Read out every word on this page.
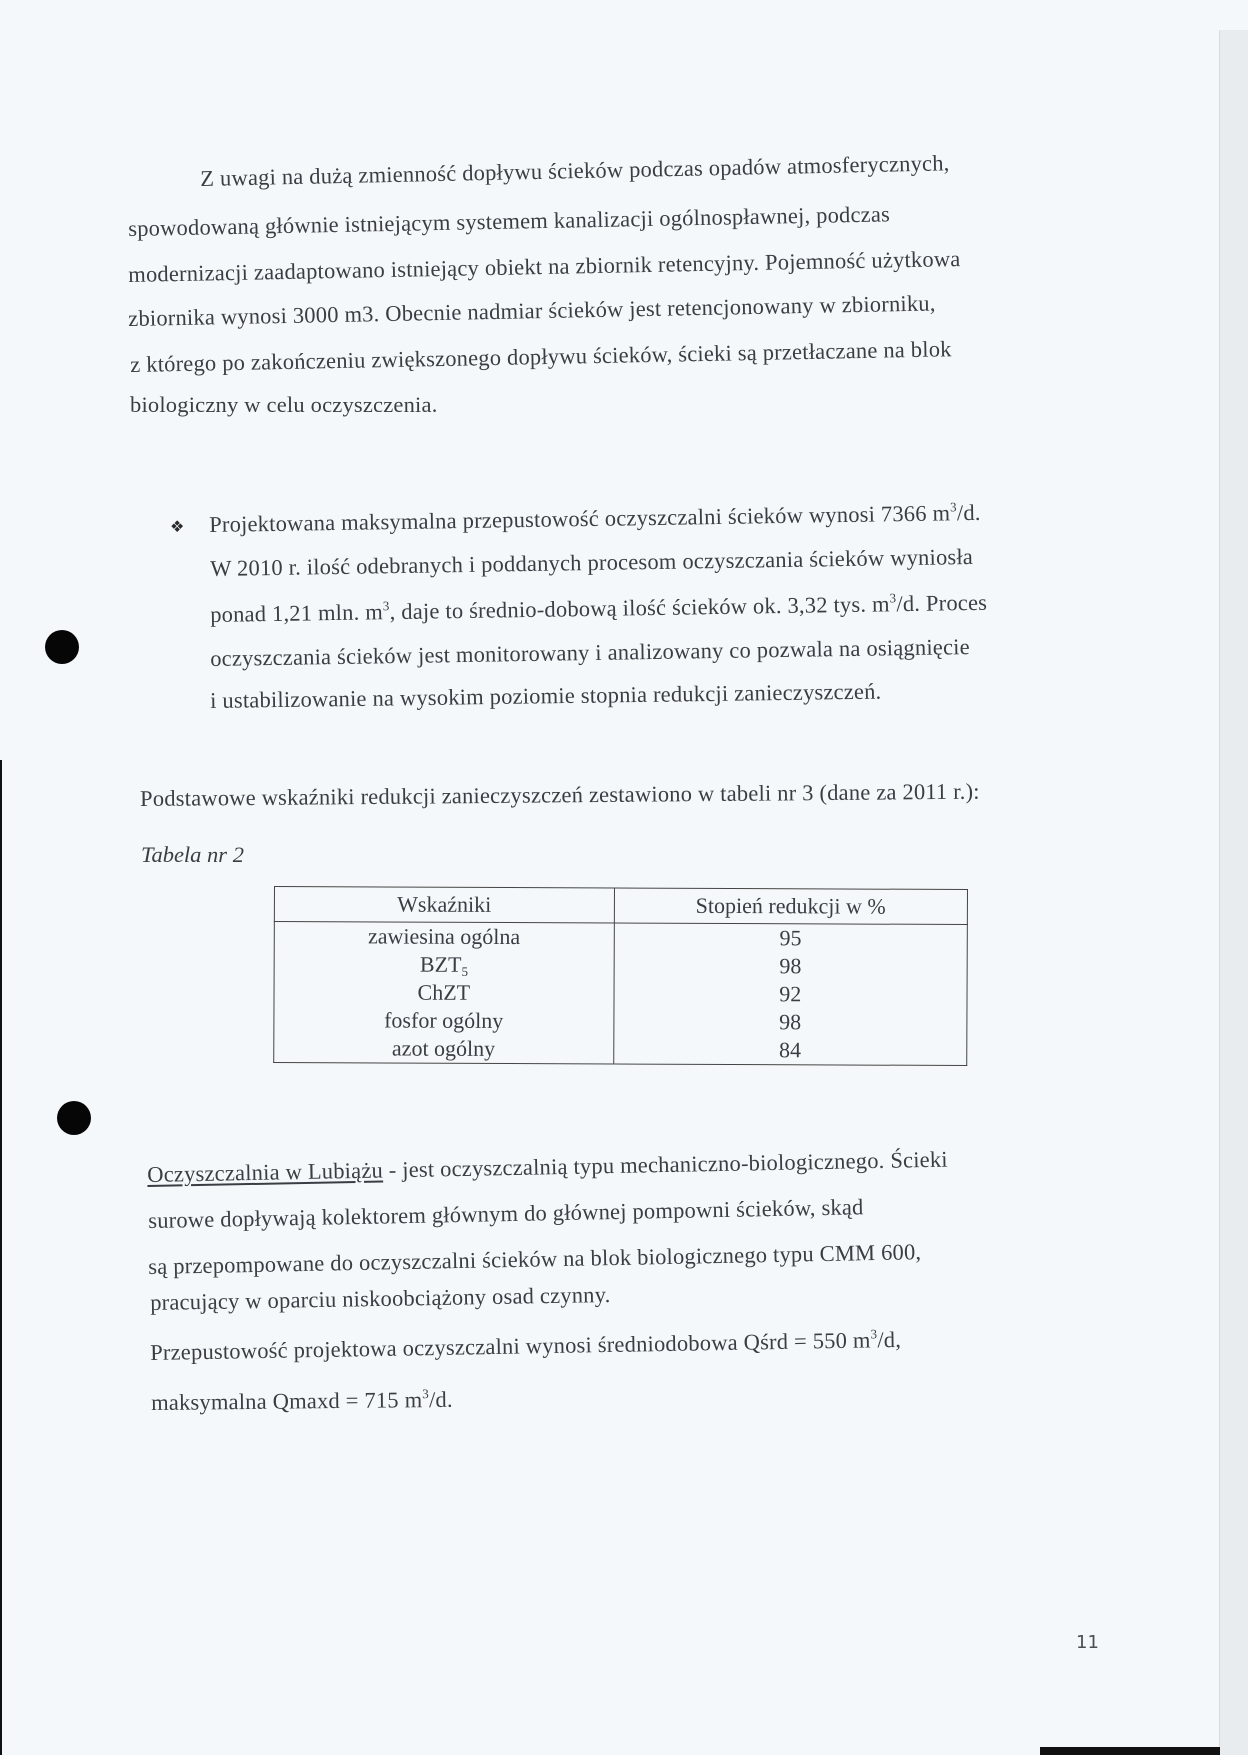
Z uwagi na dużą zmienność dopływu ścieków podczas opadów atmosferycznych,
spowodowaną głównie istniejącym systemem kanalizacji ogólnospławnej, podczas
modernizacji zaadaptowano istniejący obiekt na zbiornik retencyjny. Pojemność użytkowa
zbiornika wynosi 3000 m3. Obecnie nadmiar ścieków jest retencjonowany w zbiorniku,
z którego po zakończeniu zwiększonego dopływu ścieków, ścieki są przetłaczane na blok
biologiczny w celu oczyszczenia.
❖	Projektowana maksymalna przepustowość oczyszczalni ścieków wynosi 7366 $m^3/d$.
W 2010 r. ilość odebranych i poddanych procesom oczyszczania ścieków wyniosła
ponad 1,21 mln. $m^3$, daje to średnio-dobową ilość ścieków ok. 3,32 tys. $m^3/d$. Proces
oczyszczania ścieków jest monitorowany i analizowany co pozwala na osiągnięcie
i ustabilizowanie na wysokim poziomie stopnia redukcji zanieczyszczeń.
Podstawowe wskaźniki redukcji zanieczyszczeń zestawiono w tabeli nr 3 (dane za 2011 r.):
Tabela nr 2
Wskaźniki	Stopień redukcji w %
zawiesina ogólna	95
$BZT_5$	98
ChZT	92
fosfor ogólny	98
azot ogólny	84
Oczyszczalnia w Lubiążu - jest oczyszczalnią typu mechaniczno-biologicznego. Ścieki
surowe dopływają kolektorem głównym do głównej pompowni ścieków, skąd
są przepompowane do oczyszczalni ścieków na blok biologicznego typu CMM 600,
pracujący w oparciu niskoobciążony osad czynny.
Przepustowość projektowa oczyszczalni wynosi średniodobowa Qśrd = 550 $m^3/d$,
maksymalna Qmaxd = 715 $m^3/d$.
11
